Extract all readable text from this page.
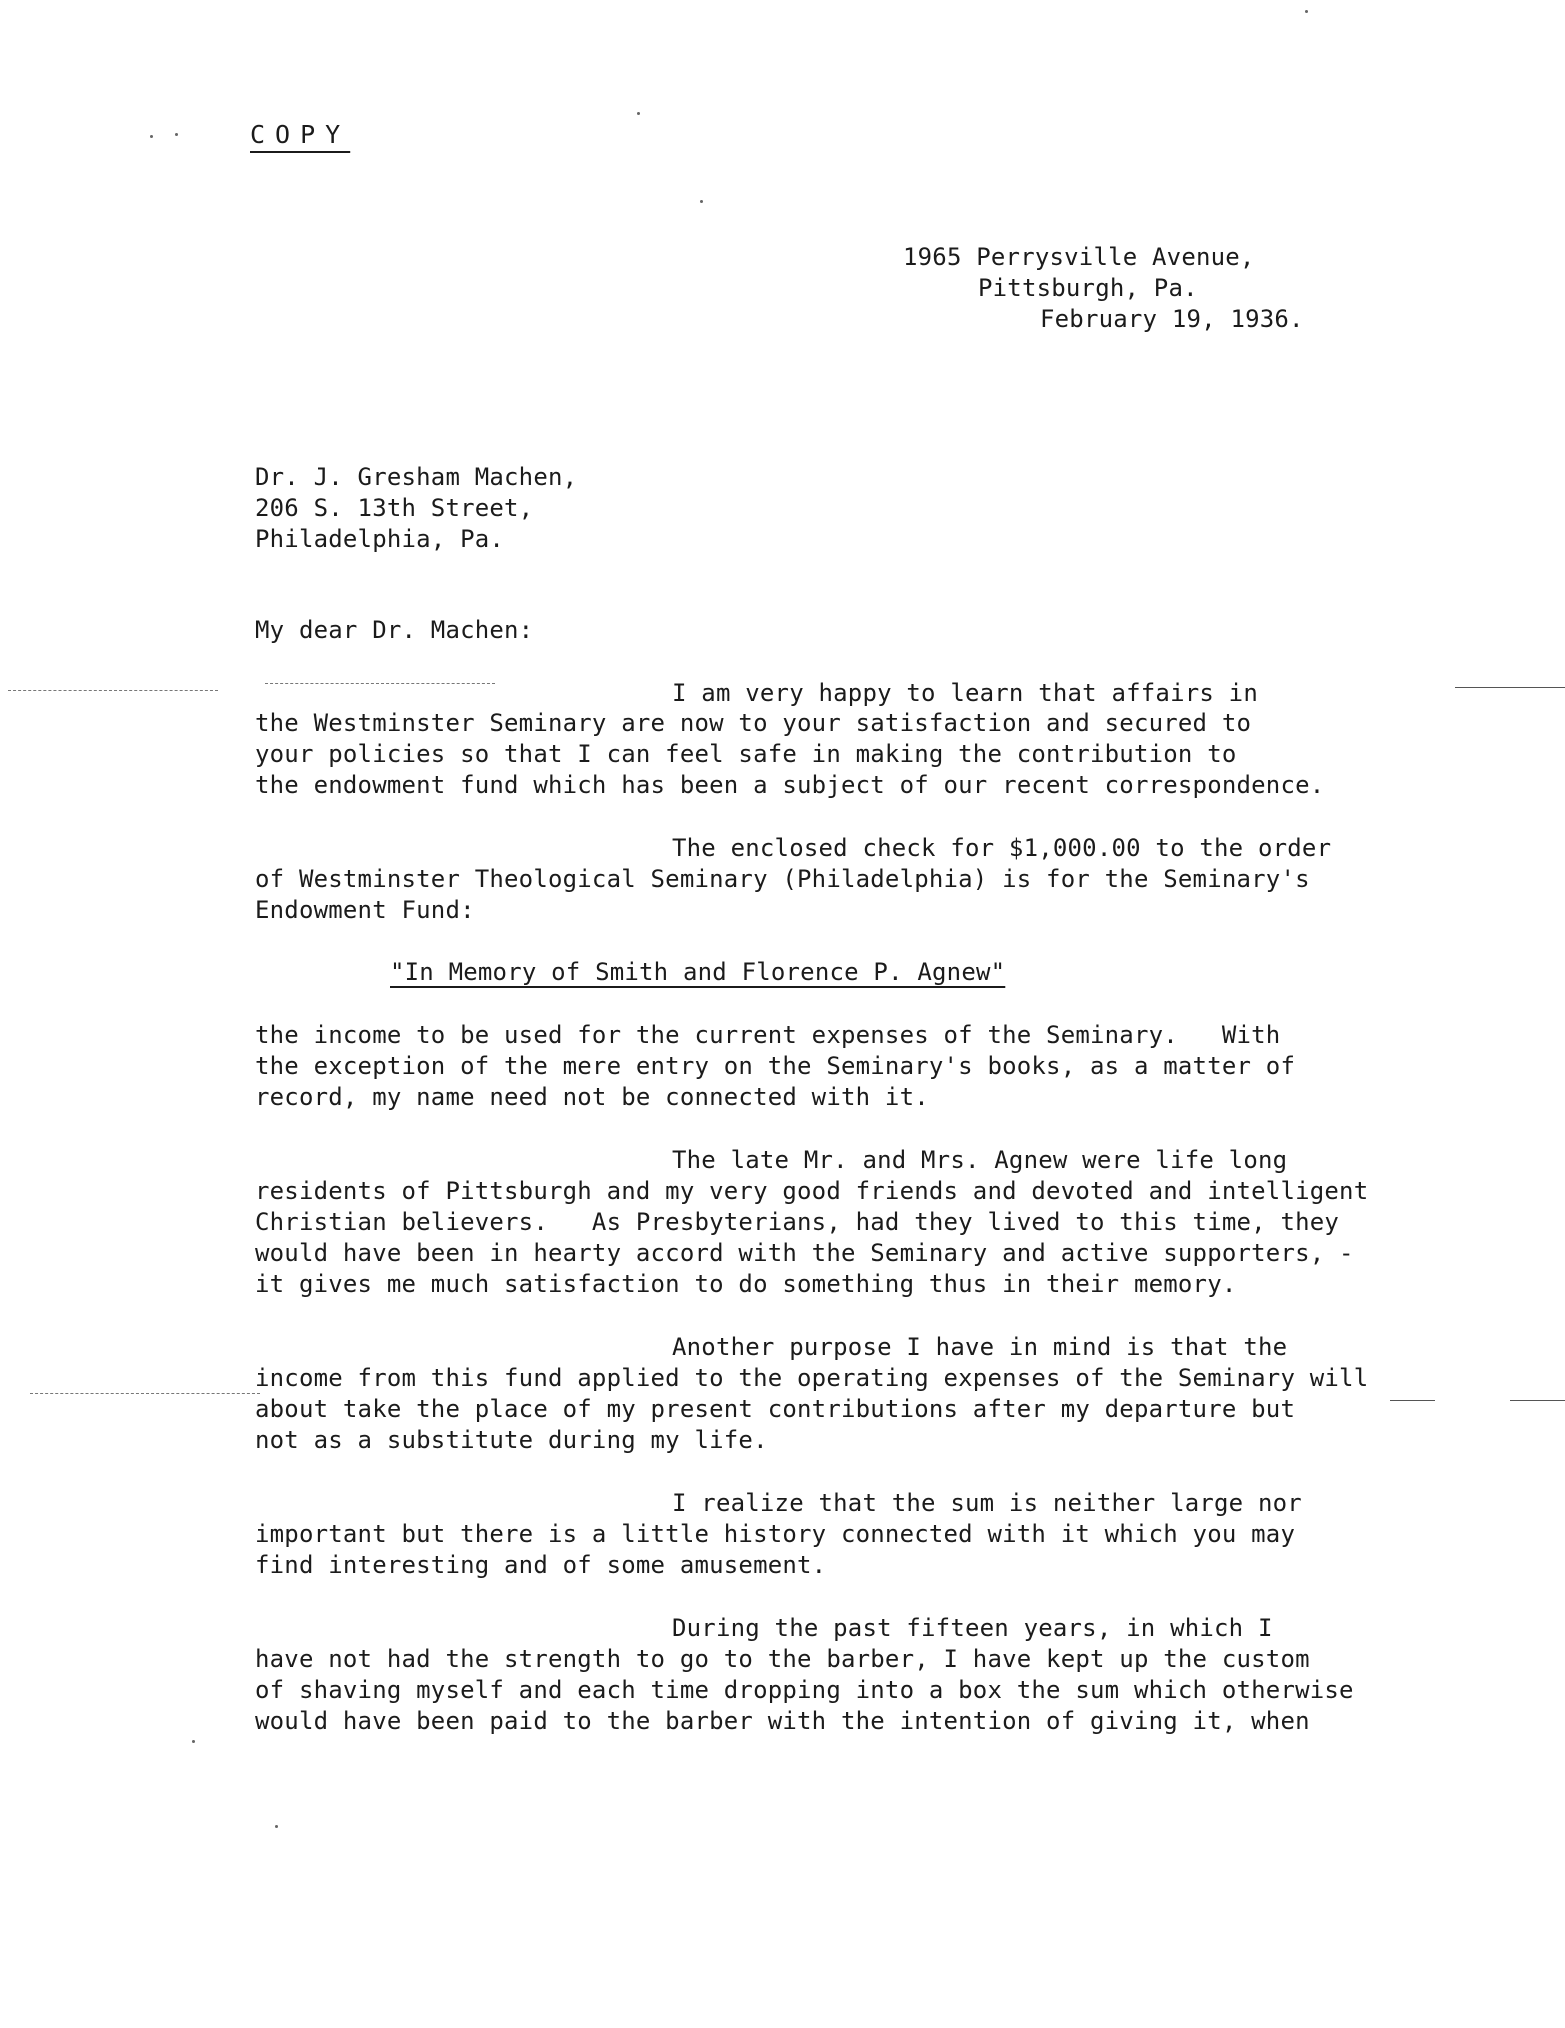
COPY
1965 Perrysville Avenue,
Pittsburgh, Pa.
February 19, 1936.
Dr. J. Gresham Machen,
206 S. 13th Street,
Philadelphia, Pa.
My dear Dr. Machen:
I am very happy to learn that affairs in
the Westminster Seminary are now to your satisfaction and secured to
your policies so that I can feel safe in making the contribution to
the endowment fund which has been a subject of our recent correspondence.
The enclosed check for $1,000.00 to the order
of Westminster Theological Seminary (Philadelphia) is for the Seminary's
Endowment Fund:
"In Memory of Smith and Florence P. Agnew"
the income to be used for the current expenses of the Seminary.   With
the exception of the mere entry on the Seminary's books, as a matter of
record, my name need not be connected with it.
The late Mr. and Mrs. Agnew were life long
residents of Pittsburgh and my very good friends and devoted and intelligent
Christian believers.   As Presbyterians, had they lived to this time, they
would have been in hearty accord with the Seminary and active supporters, -
it gives me much satisfaction to do something thus in their memory.
Another purpose I have in mind is that the
income from this fund applied to the operating expenses of the Seminary will
about take the place of my present contributions after my departure but
not as a substitute during my life.
I realize that the sum is neither large nor
important but there is a little history connected with it which you may
find interesting and of some amusement.
During the past fifteen years, in which I
have not had the strength to go to the barber, I have kept up the custom
of shaving myself and each time dropping into a box the sum which otherwise
would have been paid to the barber with the intention of giving it, when
